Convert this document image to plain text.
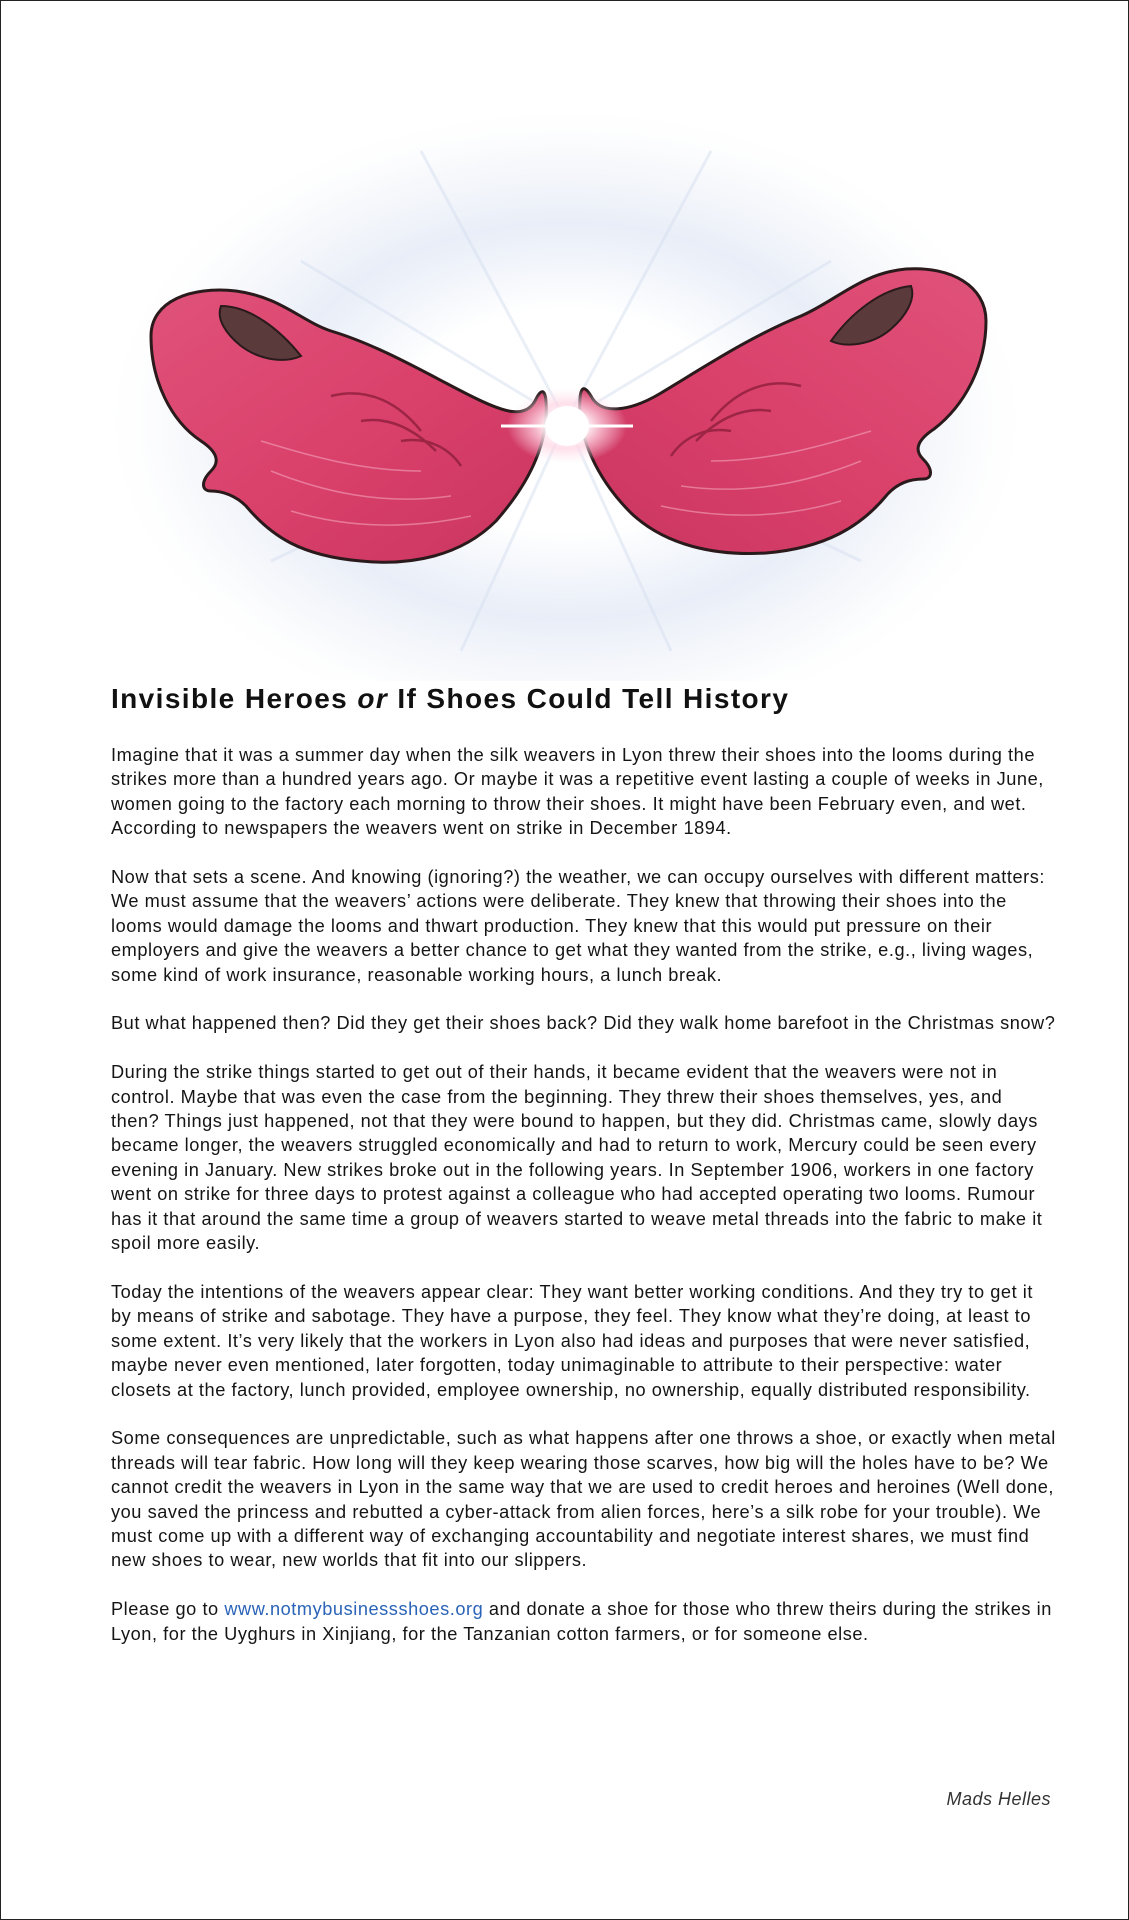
Invisible Heroes or If Shoes Could Tell History

Imagine that it was a summer day when the silk weavers in Lyon threw their shoes into the looms during the strikes more than a hundred years ago. Or maybe it was a repetitive event lasting a couple of weeks in June, women going to the factory each morning to throw their shoes. It might have been February even, and wet. According to newspapers the weavers went on strike in December 1894.

Now that sets a scene. And knowing (ignoring?) the weather, we can occupy ourselves with different matters: We must assume that the weavers’ actions were deliberate. They knew that throwing their shoes into the looms would damage the looms and thwart production. They knew that this would put pressure on their employers and give the weavers a better chance to get what they wanted from the strike, e.g., living wages, some kind of work insurance, reasonable working hours, a lunch break.

But what happened then? Did they get their shoes back? Did they walk home barefoot in the Christmas snow?

During the strike things started to get out of their hands, it became evident that the weavers were not in control. Maybe that was even the case from the beginning. They threw their shoes themselves, yes, and then? Things just happened, not that they were bound to happen, but they did. Christmas came, slowly days became longer, the weavers struggled economically and had to return to work, Mercury could be seen every evening in January. New strikes broke out in the following years. In September 1906, workers in one factory went on strike for three days to protest against a colleague who had accepted operating two looms. Rumour has it that around the same time a group of weavers started to weave metal threads into the fabric to make it spoil more easily.

Today the intentions of the weavers appear clear: They want better working conditions. And they try to get it by means of strike and sabotage. They have a purpose, they feel. They know what they’re doing, at least to some extent. It’s very likely that the workers in Lyon also had ideas and purposes that were never satisfied, maybe never even mentioned, later forgotten, today unimaginable to attribute to their perspective: water closets at the factory, lunch provided, employee ownership, no ownership, equally distributed responsibility.

Some consequences are unpredictable, such as what happens after one throws a shoe, or exactly when metal threads will tear fabric. How long will they keep wearing those scarves, how big will the holes have to be? We cannot credit the weavers in Lyon in the same way that we are used to credit heroes and heroines (Well done, you saved the princess and rebutted a cyber-attack from alien forces, here’s a silk robe for your trouble). We must come up with a different way of exchanging accountability and negotiate interest shares, we must find new shoes to wear, new worlds that fit into our slippers.

Please go to www.notmybusinessshoes.org and donate a shoe for those who threw theirs during the strikes in Lyon, for the Uyghurs in Xinjiang, for the Tanzanian cotton farmers, or for someone else.

Mads Helles
